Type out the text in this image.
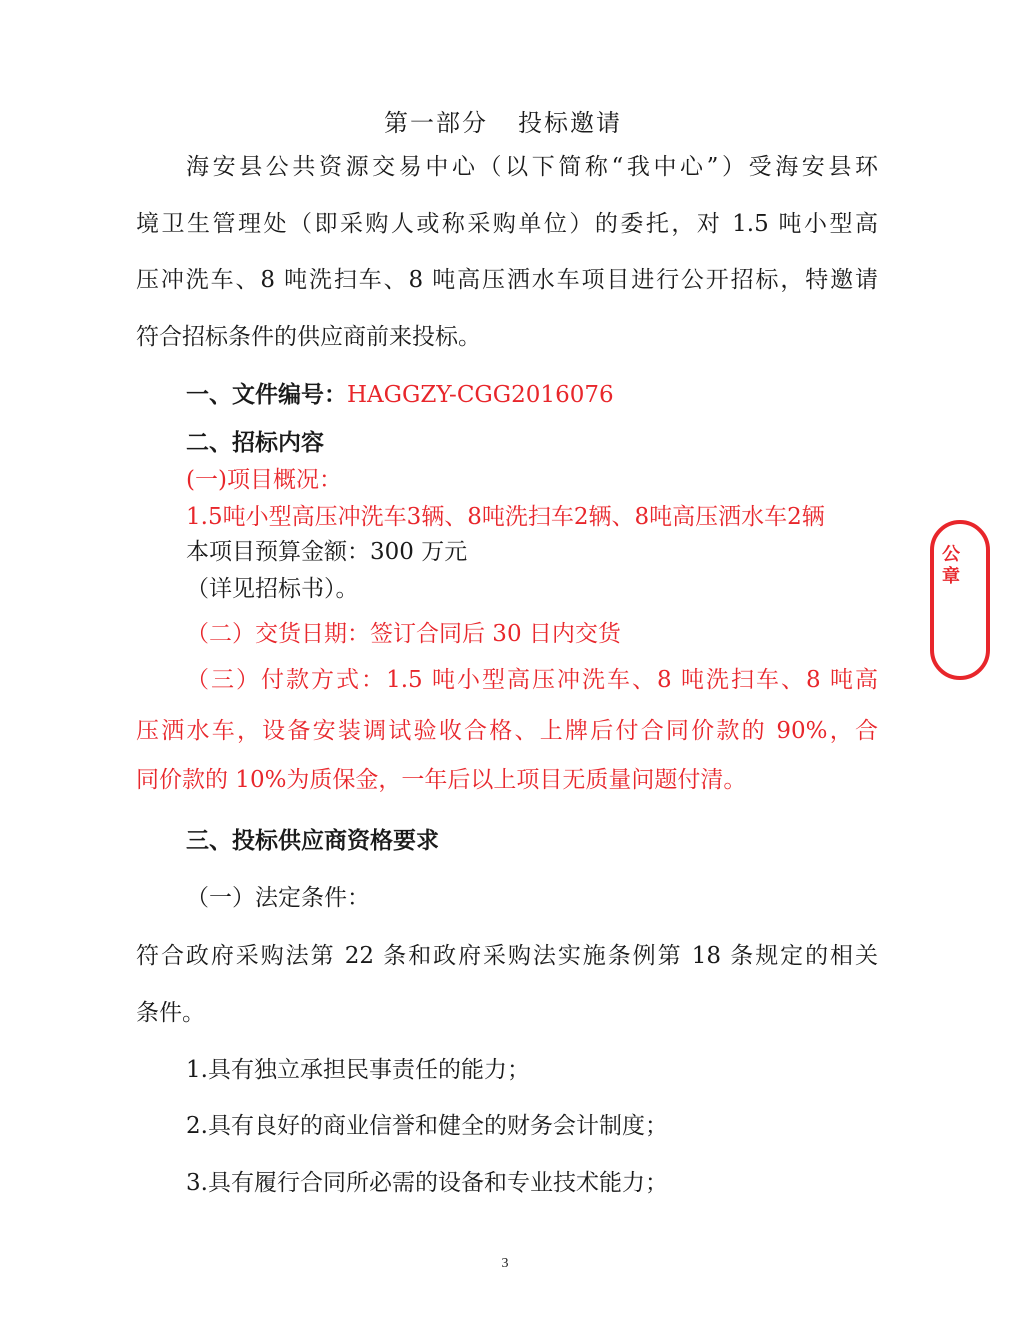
第一部分 投标邀请
海安县公共资源交易中心（以下简称“我中心”）受海安县环
境卫生管理处（即采购人或称采购单位）的委托，对 1.5 吨小型高
压冲洗车、8 吨洗扫车、8 吨高压洒水车项目进行公开招标，特邀请
符合招标条件的供应商前来投标。
一、文件编号：HAGGZY-CGG2016076
二、招标内容
(一)项目概况：
1.5吨小型高压冲洗车3辆、8吨洗扫车2辆、8吨高压洒水车2辆
本项目预算金额：300 万元
（详见招标书）。
（二）交货日期：签订合同后 30 日内交货
（三）付款方式：1.5 吨小型高压冲洗车、8 吨洗扫车、8 吨高
压洒水车，设备安装调试验收合格、上牌后付合同价款的 90%，合
同价款的 10%为质保金，一年后以上项目无质量问题付清。
三、投标供应商资格要求
（一）法定条件：
符合政府采购法第 22 条和政府采购法实施条例第 18 条规定的相关
条件。
1.具有独立承担民事责任的能力；
2.具有良好的商业信誉和健全的财务会计制度；
3.具有履行合同所必需的设备和专业技术能力；
3
公章
